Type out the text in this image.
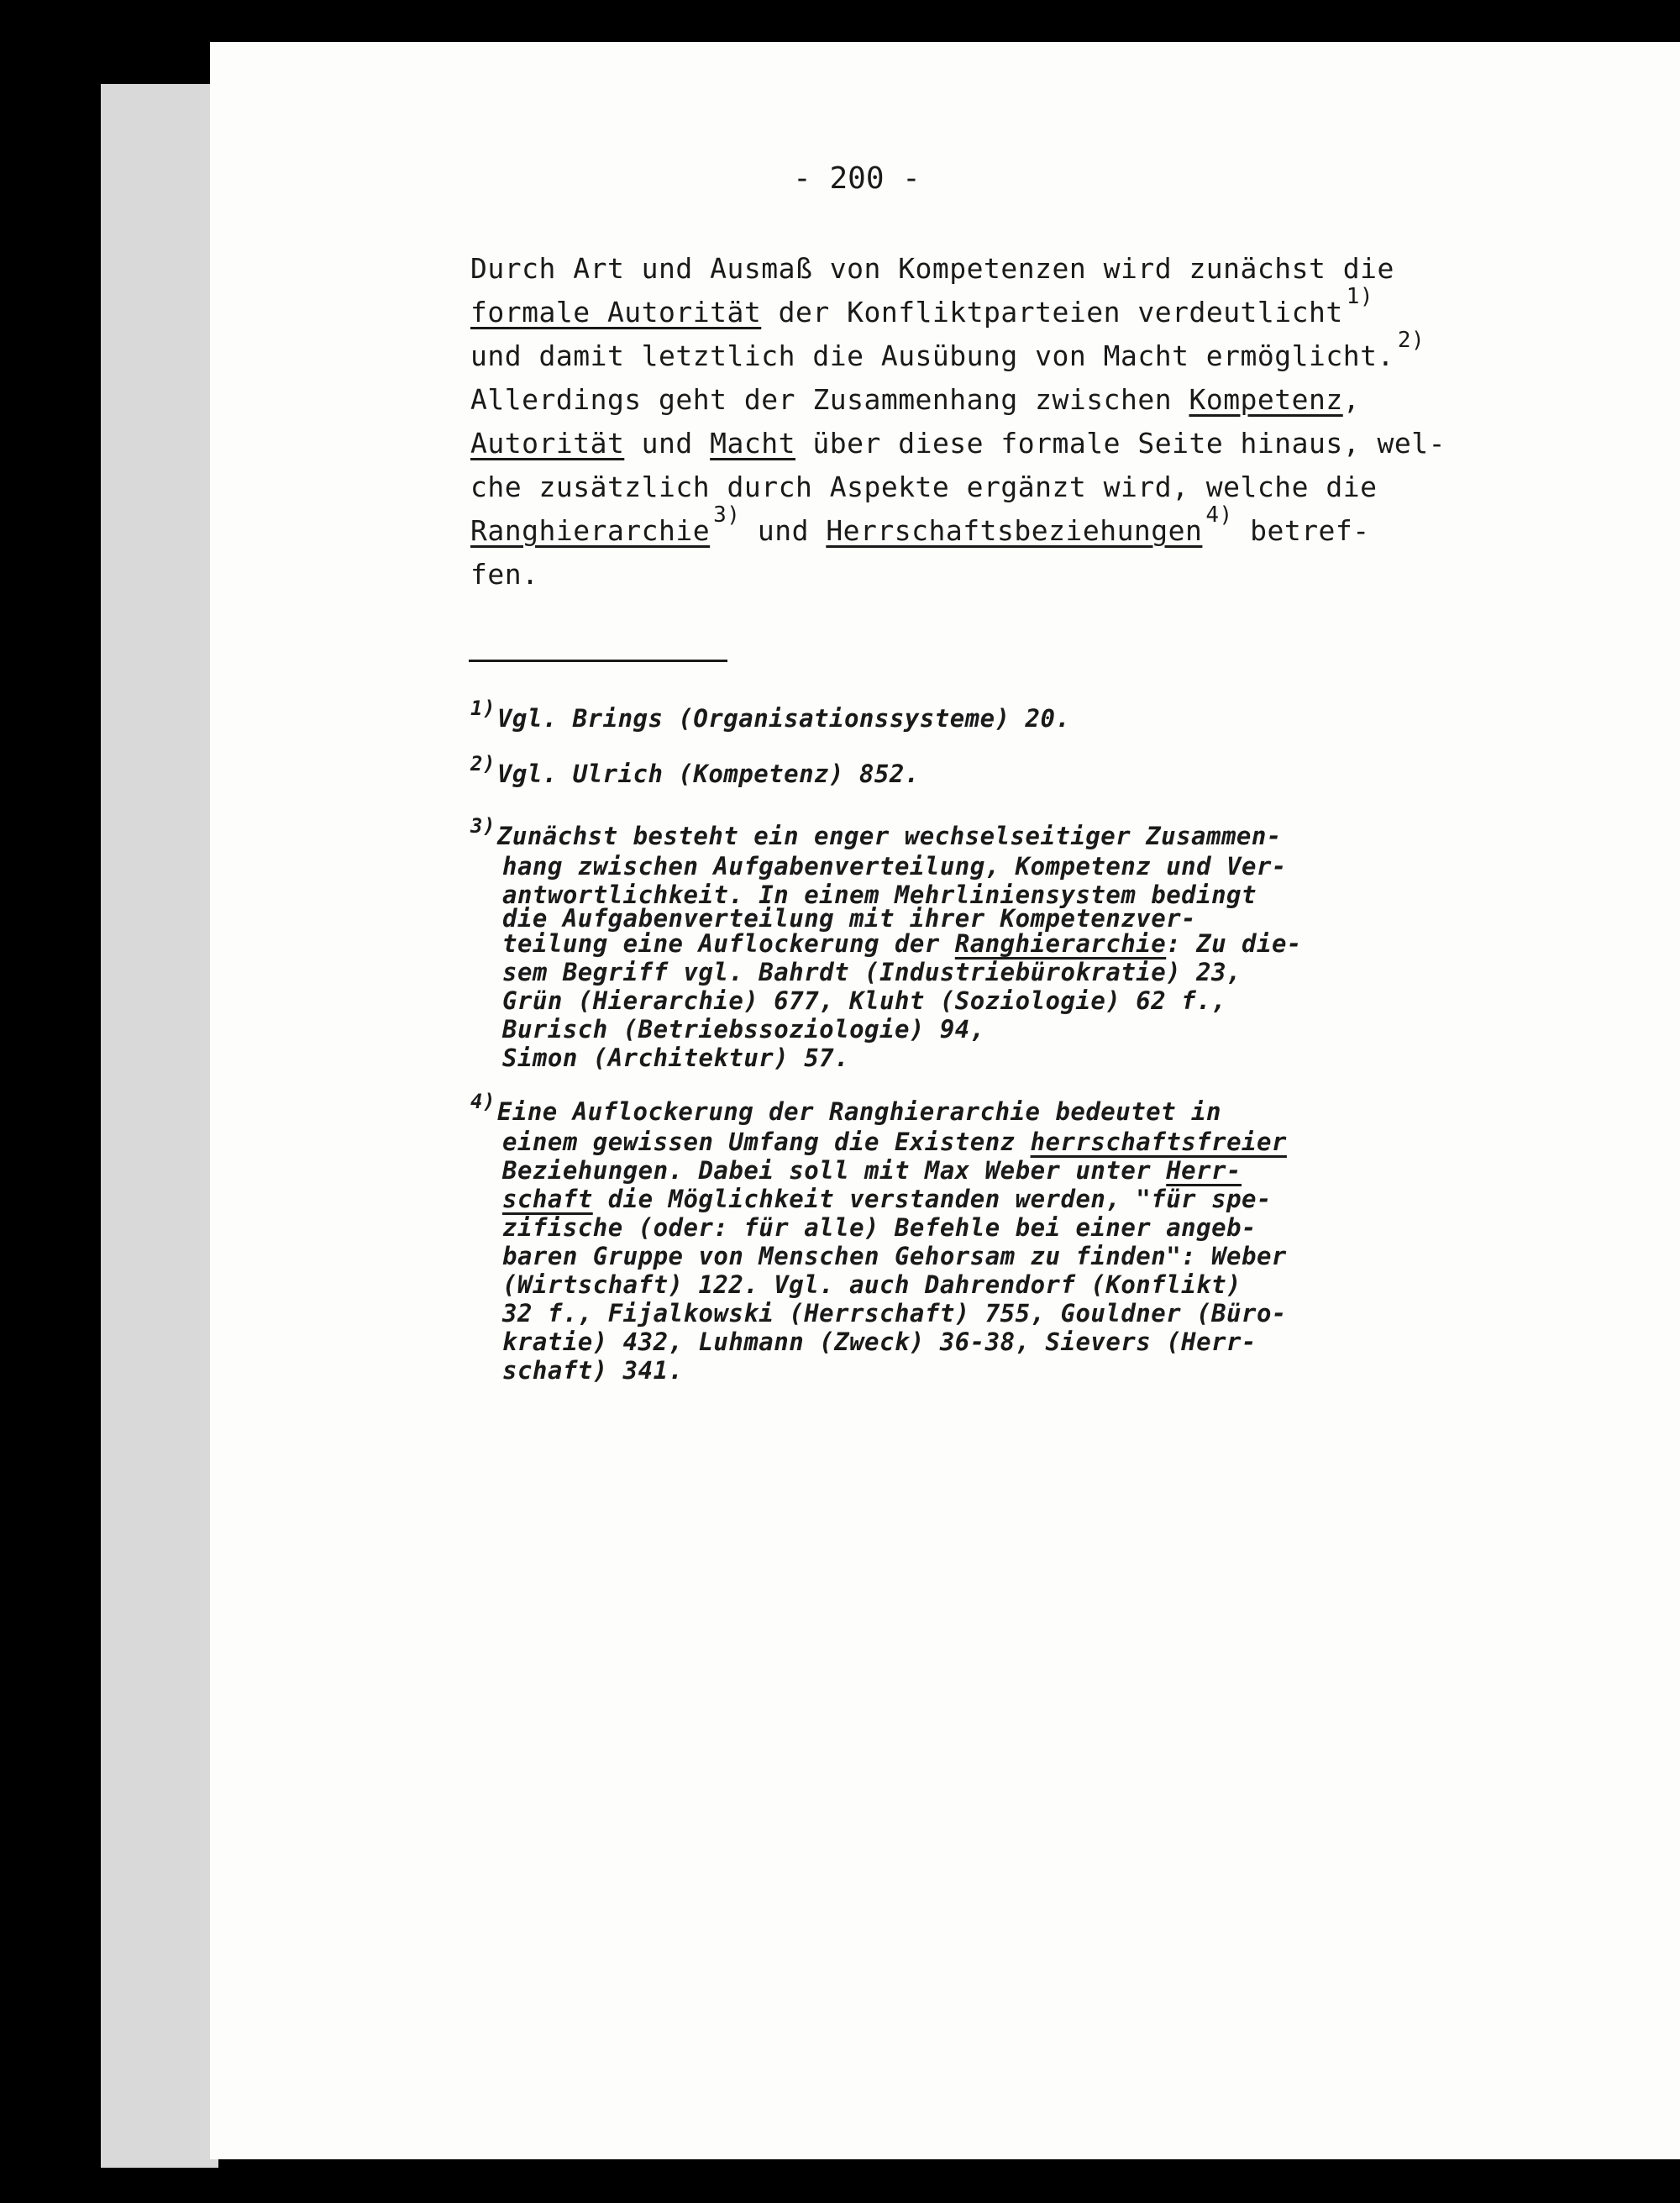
- 200 -
Durch Art und Ausmaß von Kompetenzen wird zunächst die
formale Autorität der Konfliktparteien verdeutlicht $^{1)}$
und damit letztlich die Ausübung von Macht ermöglicht. $^{2)}$
Allerdings geht der Zusammenhang zwischen Kompetenz,
Autorität und Macht über diese formale Seite hinaus, wel-
che zusätzlich durch Aspekte ergänzt wird, welche die
Ranghierarchie $^{3)}$ und Herrschaftsbeziehungen $^{4)}$ betref-
fen.
$^{1)}$Vgl. Brings (Organisationssysteme) 20.
$^{2)}$Vgl. Ulrich (Kompetenz) 852.
$^{3)}$Zunächst besteht ein enger wechselseitiger Zusammen-
hang zwischen Aufgabenverteilung, Kompetenz und Ver-
antwortlichkeit. In einem Mehrliniensystem bedingt
die Aufgabenverteilung mit ihrer Kompetenzver-
teilung eine Auflockerung der Ranghierarchie: Zu die-
sem Begriff vgl. Bahrdt (Industriebürokratie) 23,
Grün (Hierarchie) 677, Kluht (Soziologie) 62 f.,
Burisch (Betriebssoziologie) 94,
Simon (Architektur) 57.
$^{4)}$Eine Auflockerung der Ranghierarchie bedeutet in
einem gewissen Umfang die Existenz herrschaftsfreier
Beziehungen. Dabei soll mit Max Weber unter Herr-
schaft die Möglichkeit verstanden werden, "für spe-
zifische (oder: für alle) Befehle bei einer angeb-
baren Gruppe von Menschen Gehorsam zu finden": Weber
(Wirtschaft) 122. Vgl. auch Dahrendorf (Konflikt)
32 f., Fijalkowski (Herrschaft) 755, Gouldner (Büro-
kratie) 432, Luhmann (Zweck) 36-38, Sievers (Herr-
schaft) 341.
